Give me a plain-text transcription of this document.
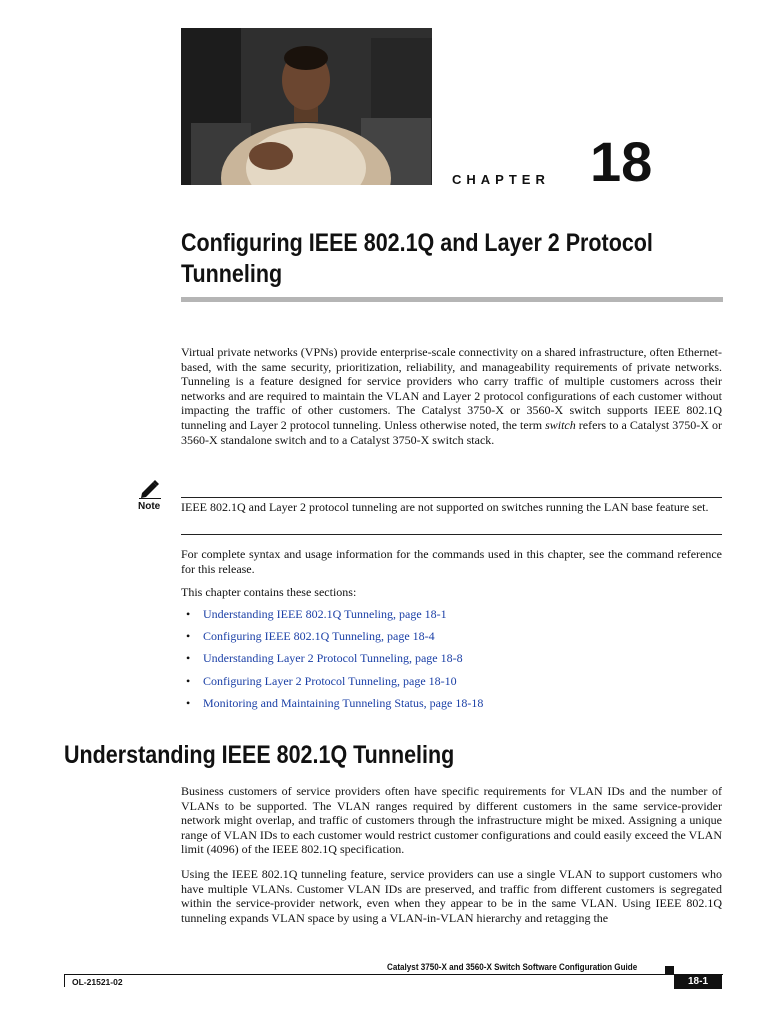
CHAPTER 18
Configuring IEEE 802.1Q and Layer 2 Protocol Tunneling

Virtual private networks (VPNs) provide enterprise-scale connectivity on a shared infrastructure, often Ethernet-based, with the same security, prioritization, reliability, and manageability requirements of private networks. Tunneling is a feature designed for service providers who carry traffic of multiple customers across their networks and are required to maintain the VLAN and Layer 2 protocol configurations of each customer without impacting the traffic of other customers. The Catalyst 3750-X or 3560-X switch supports IEEE 802.1Q tunneling and Layer 2 protocol tunneling. Unless otherwise noted, the term switch refers to a Catalyst 3750-X or 3560-X standalone switch and to a Catalyst 3750-X switch stack.

Note IEEE 802.1Q and Layer 2 protocol tunneling are not supported on switches running the LAN base feature set.

For complete syntax and usage information for the commands used in this chapter, see the command reference for this release.

This chapter contains these sections:

• Understanding IEEE 802.1Q Tunneling, page 18-1
• Configuring IEEE 802.1Q Tunneling, page 18-4
• Understanding Layer 2 Protocol Tunneling, page 18-8
• Configuring Layer 2 Protocol Tunneling, page 18-10
• Monitoring and Maintaining Tunneling Status, page 18-18
Understanding IEEE 802.1Q Tunneling

Business customers of service providers often have specific requirements for VLAN IDs and the number of VLANs to be supported. The VLAN ranges required by different customers in the same service-provider network might overlap, and traffic of customers through the infrastructure might be mixed. Assigning a unique range of VLAN IDs to each customer would restrict customer configurations and could easily exceed the VLAN limit (4096) of the IEEE 802.1Q specification.

Using the IEEE 802.1Q tunneling feature, service providers can use a single VLAN to support customers who have multiple VLANs. Customer VLAN IDs are preserved, and traffic from different customers is segregated within the service-provider network, even when they appear to be in the same VLAN. Using IEEE 802.1Q tunneling expands VLAN space by using a VLAN-in-VLAN hierarchy and retagging the

Catalyst 3750-X and 3560-X Switch Software Configuration Guide
OL-21521-02	18-1
